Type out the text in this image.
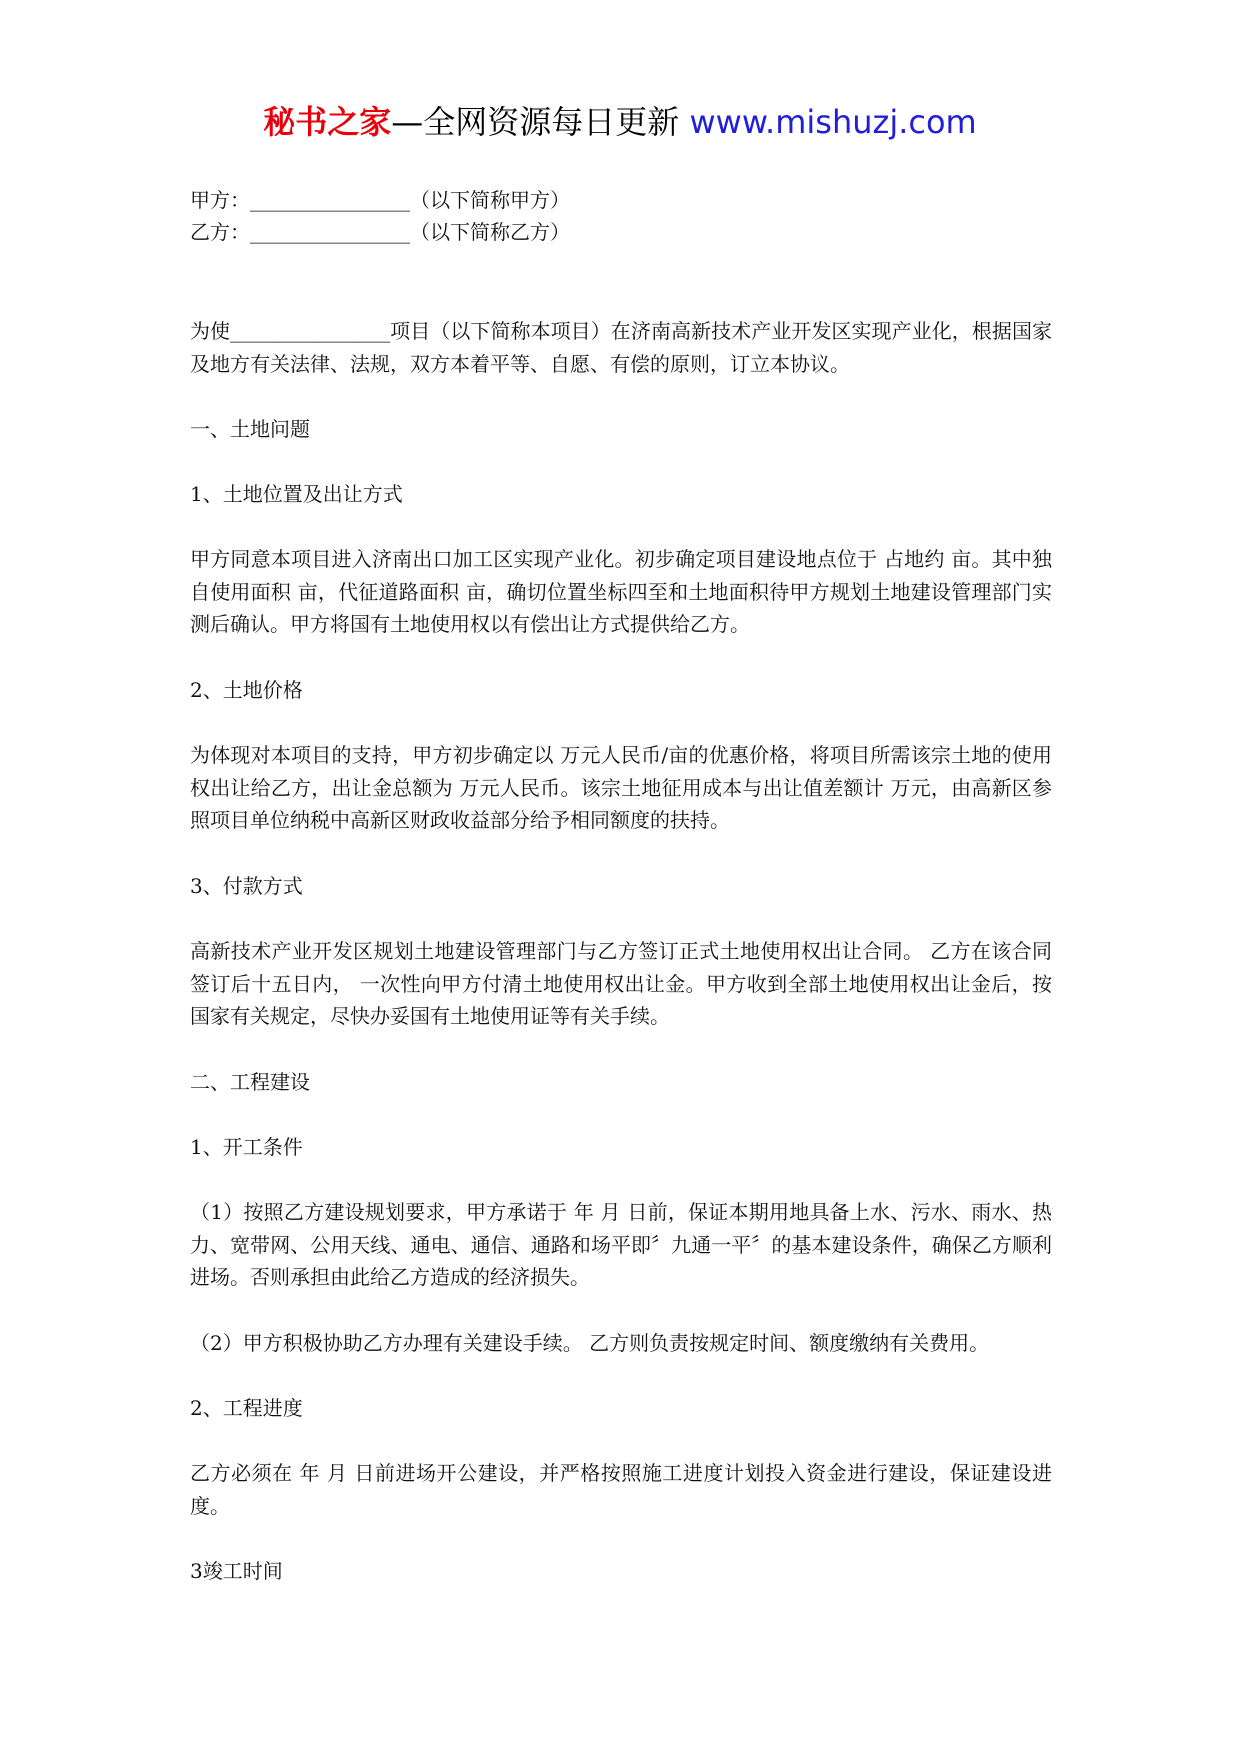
秘书之家—全网资源每日更新 www.mishuzj.com
甲方：________________（以下简称甲方）
乙方：________________（以下简称乙方）
为使________________项目（以下简称本项目）在济南高新技术产业开发区实现产业化，根据国家及地方有关法律、法规，双方本着平等、自愿、有偿的原则，订立本协议。
一、土地问题
1、土地位置及出让方式
甲方同意本项目进入济南出口加工区实现产业化。初步确定项目建设地点位于 占地约 亩。其中独自使用面积 亩，代征道路面积 亩，确切位置坐标四至和土地面积待甲方规划土地建设管理部门实测后确认。甲方将国有土地使用权以有偿出让方式提供给乙方。
2、土地价格
为体现对本项目的支持，甲方初步确定以 万元人民币/亩的优惠价格，将项目所需该宗土地的使用权出让给乙方，出让金总额为 万元人民币。该宗土地征用成本与出让值差额计 万元，由高新区参照项目单位纳税中高新区财政收益部分给予相同额度的扶持。
3、付款方式
高新技术产业开发区规划土地建设管理部门与乙方签订正式土地使用权出让合同。 乙方在该合同签订后十五日内， 一次性向甲方付清土地使用权出让金。甲方收到全部土地使用权出让金后，按国家有关规定，尽快办妥国有土地使用证等有关手续。
二、工程建设
1、开工条件
（1）按照乙方建设规划要求，甲方承诺于 年 月 日前，保证本期用地具备上水、污水、雨水、热力、宽带网、公用天线、通电、通信、通路和场平即〞九通一平〞的基本建设条件，确保乙方顺利进场。否则承担由此给乙方造成的经济损失。
（2）甲方积极协助乙方办理有关建设手续。 乙方则负责按规定时间、额度缴纳有关费用。
2、工程进度
乙方必须在 年 月 日前进场开公建设，并严格按照施工进度计划投入资金进行建设，保证建设进度。
3竣工时间
